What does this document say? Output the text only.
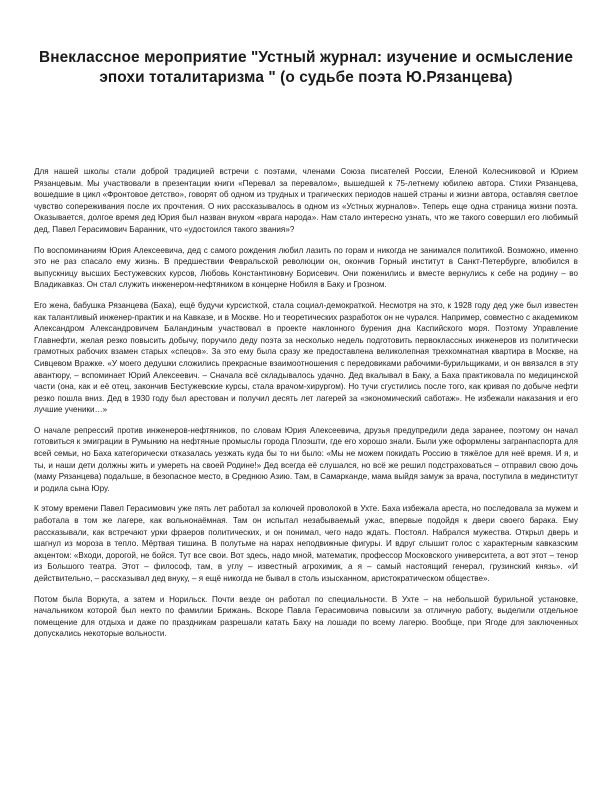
Внеклассное мероприятие "Устный журнал: изучение и осмысление эпохи тоталитаризма " (о судьбе поэта Ю.Рязанцева)

Для нашей школы стали доброй традицией встречи с поэтами, членами Союза писателей России, Еленой Колесниковой и Юрием Рязанцевым. Мы участвовали в презентации книги «Перевал за перевалом», вышедшей к 75-летнему юбилею автора. Стихи Рязанцева, вошедшие в цикл «Фронтовое детство», говорят об одном из трудных и трагических периодов нашей страны и жизни автора, оставляя светлое чувство сопереживания после их прочтения. О них рассказывалось в одном из «Устных журналов». Теперь еще одна страница жизни поэта. Оказывается, долгое время дед Юрия был назван внуком «врага народа». Нам стало интересно узнать, что же такого совершил его любимый дед, Павел Герасимович Баранник, что «удостоился такого звания»?

По воспоминаниям Юрия Алексеевича, дед с самого рождения любил лазить по горам и никогда не занимался политикой. Возможно, именно это не раз спасало ему жизнь. В предшествии Февральской революции он, окончив Горный институт в Санкт-Петербурге, влюбился в выпускницу высших Бестужевских курсов, Любовь Константиновну Борисевич. Они поженились и вместе вернулись к себе на родину – во Владикавказ. Он стал служить инженером-нефтяником в концерне Нобиля в Баку и Грозном.

Его жена, бабушка Рязанцева (Баха), ещё будучи курсисткой, стала социал-демократкой. Несмотря на это, к 1928 году дед уже был известен как талантливый инженер-практик и на Кавказе, и в Москве. Но и теоретических разработок он не чурался. Например, совместно с академиком Александром Александровичем Баландиным участвовал в проекте наклонного бурения дна Каспийского моря. Поэтому Управление Главнефти, желая резко повысить добычу, поручило деду поэта за несколько недель подготовить первоклассных инженеров из политически грамотных рабочих взамен старых «спецов». За это ему была сразу же предоставлена великолепная трехкомнатная квартира в Москве, на Сивцевом Вражке. «У моего дедушки сложились прекрасные взаимоотношения с передовиками рабочими-бурильщиками, и он ввязался в эту авантюру, – вспоминает Юрий Алексеевич. – Сначала всё складывалось удачно. Дед вкалывал в Баку, а Баха практиковала по медицинской части (она, как и её отец, закончив Бестужевские курсы, стала врачом-хирургом). Но тучи сгустились после того, как кривая по добыче нефти резко пошла вниз. Дед в 1930 году был арестован и получил десять лет лагерей за «экономический саботаж». Не избежали наказания и его лучшие ученики…»

О начале репрессий против инженеров-нефтяников, по словам Юрия Алексеевича, друзья предупредили деда заранее, поэтому он начал готовиться к эмиграции в Румынию на нефтяные промыслы города Плоэшти, где его хорошо знали. Были уже оформлены загранпаспорта для всей семьи, но Баха категорически отказалась уезжать куда бы то ни было: «Мы не можем покидать Россию в тяжёлое для неё время. И я, и ты, и наши дети должны жить и умереть на своей Родине!» Дед всегда её слушался, но всё же решил подстраховаться – отправил свою дочь (маму Рязанцева) подальше, в безопасное место, в Среднюю Азию. Там, в Самарканде, мама выйдя замуж за врача, поступила в мединститут и родила сына Юру.

К этому времени Павел Герасимович уже пять лет работал за колючей проволокой в Ухте. Баха избежала ареста, но последовала за мужем и работала в том же лагере, как вольнонаёмная. Там он испытал незабываемый ужас, впервые подойдя к двери своего барака. Ему рассказывали, как встречают урки фраеров политических, и он понимал, чего надо ждать. Постоял. Набрался мужества. Открыл дверь и шагнул из мороза в тепло. Мёртвая тишина. В полутьме на нарах неподвижные фигуры. И вдруг слышит голос с характерным кавказским акцентом: «Входи, дорогой, не бойся. Тут все свои. Вот здесь, надо мной, математик, профессор Московского университета, а вот этот – тенор из Большого театра. Этот – философ, там, в углу – известный агрохимик, а я – самый настоящий генерал, грузинский князь». «И действительно, – рассказывал дед внуку, – я ещё никогда не бывал в столь изысканном, аристократическом обществе».

Потом была Воркута, а затем и Норильск. Почти везде он работал по специальности. В Ухте – на небольшой бурильной установке, начальником которой был некто по фамилии Брижань. Вскоре Павла Герасимовича повысили за отличную работу, выделили отдельное помещение для отдыха и даже по праздникам разрешали катать Баху на лошади по всему лагерю. Вообще, при Ягоде для заключенных допускались некоторые вольности.
